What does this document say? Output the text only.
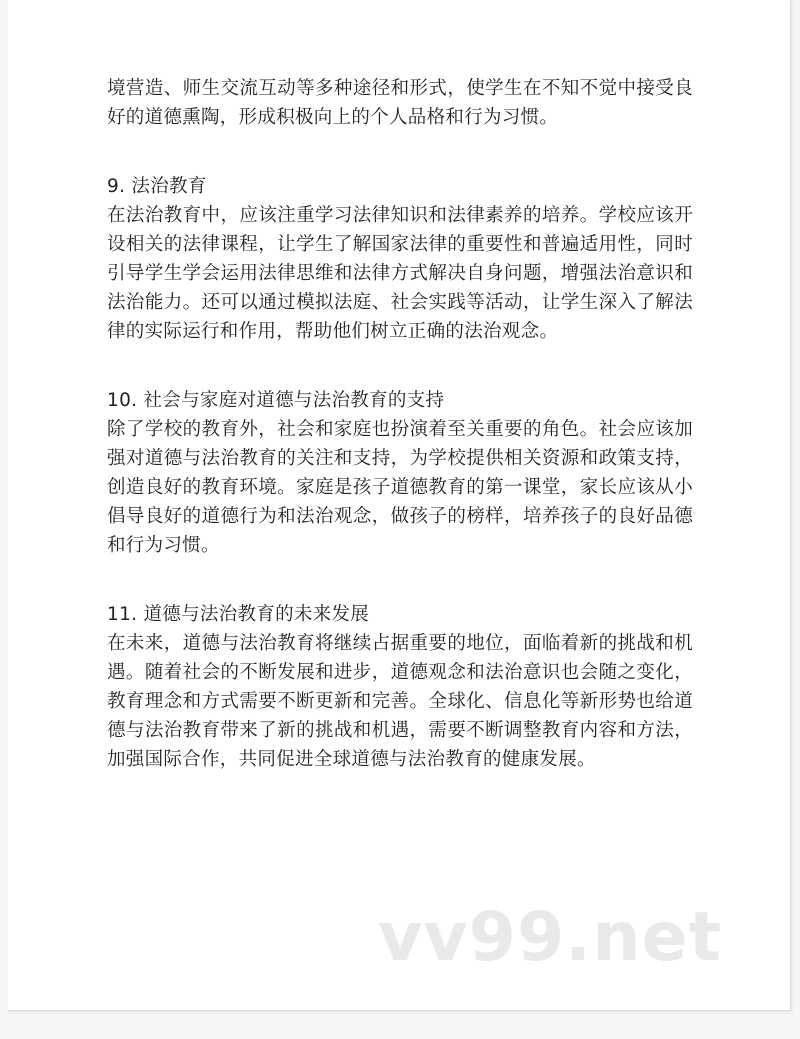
境营造、师生交流互动等多种途径和形式，使学生在不知不觉中接受良好的道德熏陶，形成积极向上的个人品格和行为习惯。

9. 法治教育

在法治教育中，应该注重学习法律知识和法律素养的培养。学校应该开设相关的法律课程，让学生了解国家法律的重要性和普遍适用性，同时引导学生学会运用法律思维和法律方式解决自身问题，增强法治意识和法治能力。还可以通过模拟法庭、社会实践等活动，让学生深入了解法律的实际运行和作用，帮助他们树立正确的法治观念。

10. 社会与家庭对道德与法治教育的支持

除了学校的教育外，社会和家庭也扮演着至关重要的角色。社会应该加强对道德与法治教育的关注和支持，为学校提供相关资源和政策支持，创造良好的教育环境。家庭是孩子道德教育的第一课堂，家长应该从小倡导良好的道德行为和法治观念，做孩子的榜样，培养孩子的良好品德和行为习惯。

11. 道德与法治教育的未来发展

在未来，道德与法治教育将继续占据重要的地位，面临着新的挑战和机遇。随着社会的不断发展和进步，道德观念和法治意识也会随之变化，教育理念和方式需要不断更新和完善。全球化、信息化等新形势也给道德与法治教育带来了新的挑战和机遇，需要不断调整教育内容和方法，加强国际合作，共同促进全球道德与法治教育的健康发展。

vv99.net
